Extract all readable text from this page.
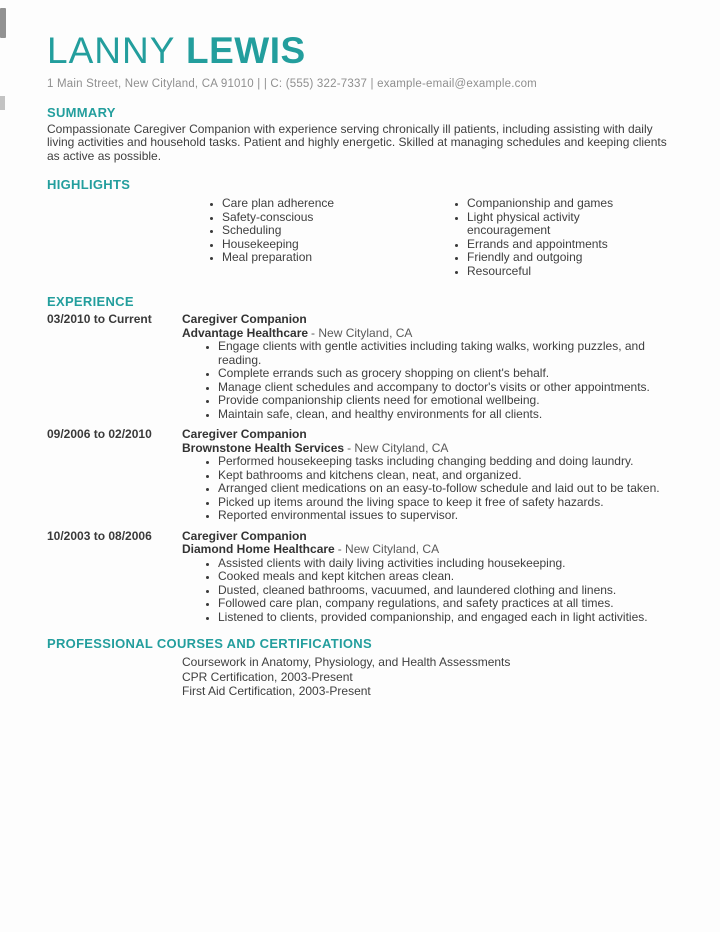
LANNY LEWIS
1 Main Street, New Cityland, CA 91010 | | C: (555) 322-7337 | example-email@example.com
SUMMARY

Compassionate Caregiver Companion with experience serving chronically ill patients, including assisting with daily living activities and household tasks. Patient and highly energetic. Skilled at managing schedules and keeping clients as active as possible.

HIGHLIGHTS
• Care plan adherence
• Safety-conscious
• Scheduling
• Housekeeping
• Meal preparation
• Companionship and games
• Light physical activity encouragement
• Errands and appointments
• Friendly and outgoing
• Resourceful
EXPERIENCE
03/2010 to Current	Caregiver Companion
Advantage Healthcare - New Cityland, CA
• Engage clients with gentle activities including taking walks, working puzzles, and reading.
• Complete errands such as grocery shopping on client's behalf.
• Manage client schedules and accompany to doctor's visits or other appointments.
• Provide companionship clients need for emotional wellbeing.
• Maintain safe, clean, and healthy environments for all clients.
09/2006 to 02/2010	Caregiver Companion
Brownstone Health Services - New Cityland, CA
• Performed housekeeping tasks including changing bedding and doing laundry.
• Kept bathrooms and kitchens clean, neat, and organized.
• Arranged client medications on an easy-to-follow schedule and laid out to be taken.
• Picked up items around the living space to keep it free of safety hazards.
• Reported environmental issues to supervisor.
10/2003 to 08/2006	Caregiver Companion
Diamond Home Healthcare - New Cityland, CA
• Assisted clients with daily living activities including housekeeping.
• Cooked meals and kept kitchen areas clean.
• Dusted, cleaned bathrooms, vacuumed, and laundered clothing and linens.
• Followed care plan, company regulations, and safety practices at all times.
• Listened to clients, provided companionship, and engaged each in light activities.
PROFESSIONAL COURSES AND CERTIFICATIONS
Coursework in Anatomy, Physiology, and Health Assessments
CPR Certification, 2003-Present
First Aid Certification, 2003-Present
